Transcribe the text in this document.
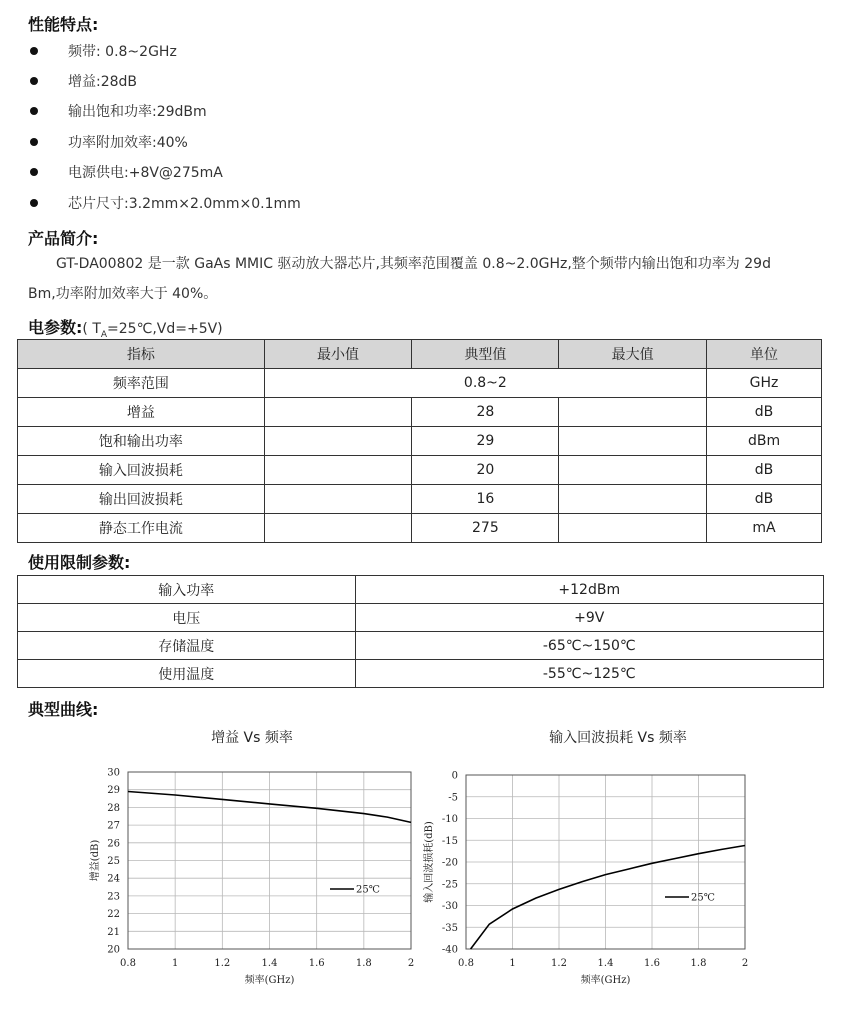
性能特点:
频带: 0.8~2GHz
增益:28dB
输出饱和功率:29dBm
功率附加效率:40%
电源供电:+8V@275mA
芯片尺寸:3.2mm×2.0mm×0.1mm
产品简介:
GT-DA00802 是一款 GaAs MMIC 驱动放大器芯片,其频率范围覆盖 0.8~2.0GHz,整个频带内输出饱和功率为 29d
Bm,功率附加效率大于 40%。
电参数:( $T_A=25℃,Vd=+5V$)
指标	最小值	典型值	最大值	单位
频率范围	0.8~2			GHz
增益		28		dB
饱和输出功率		29		dBm
输入回波损耗		20		dB
输出回波损耗		16		dB
静态工作电流		275		mA
使用限制参数:
输入功率	+12dBm
电压	+9V
存储温度	-65℃~150℃
使用温度	-55℃~125℃
典型曲线:
增益 Vs 频率	输入回波损耗 Vs 频率
0.8	1	1.2	1.4	1.6	1.8	2
20
21
22
23
24
25
26
27
28
29
30
25℃
频率(GHz)
增益(dB)
0.8	1	1.2	1.4	1.6	1.8	2
0
-5
-10
-15
-20
-25
-30
-35
-40
25℃
频率(GHz)
输入回波损耗(dB)
